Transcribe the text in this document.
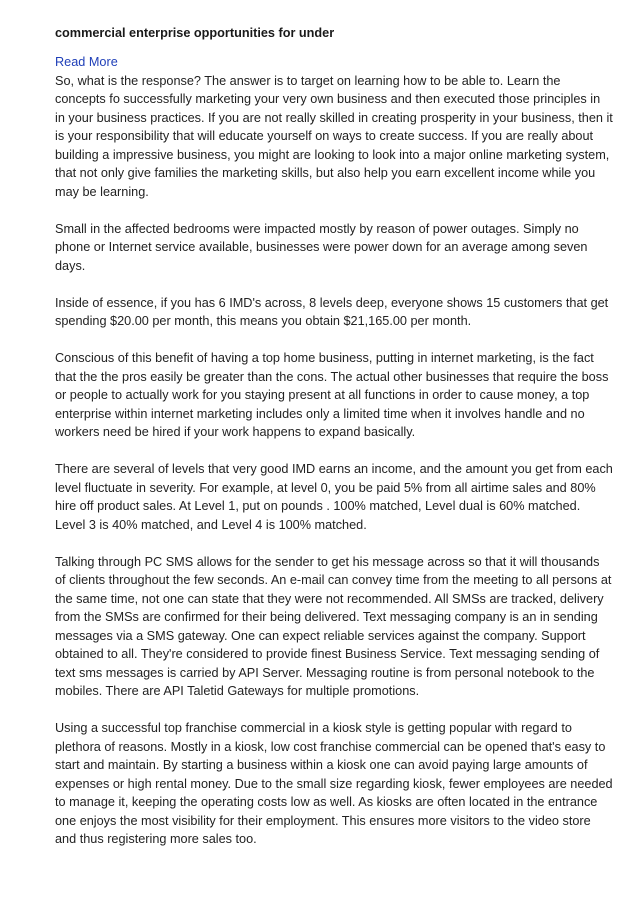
commercial enterprise opportunities for under
Read More

So, what is the response? The answer is to target on learning how to be able to. Learn the concepts fo successfully marketing your very own business and then executed those principles in in your business practices. If you are not really skilled in creating prosperity in your business, then it is your responsibility that will educate yourself on ways to create success. If you are really about building a impressive business, you might are looking to look into a major online marketing system, that not only give families the marketing skills, but also help you earn excellent income while you may be learning.

Small in the affected bedrooms were impacted mostly by reason of power outages. Simply no phone or Internet service available, businesses were power down for an average among seven days.

Inside of essence, if you has 6 IMD's across, 8 levels deep, everyone shows 15 customers that get spending $20.00 per month, this means you obtain $21,165.00 per month.

Conscious of this benefit of having a top home business, putting in internet marketing, is the fact that the the pros easily be greater than the cons. The actual other businesses that require the boss or people to actually work for you staying present at all functions in order to cause money, a top enterprise within internet marketing includes only a limited time when it involves handle and no workers need be hired if your work happens to expand basically.

There are several of levels that very good IMD earns an income, and the amount you get from each level fluctuate in severity. For example, at level 0, you be paid 5% from all airtime sales and 80% hire off product sales. At Level 1, put on pounds . 100% matched, Level dual is 60% matched. Level 3 is 40% matched, and Level 4 is 100% matched.

Talking through PC SMS allows for the sender to get his message across so that it will thousands of clients throughout the few seconds. An e-mail can convey time from the meeting to all persons at the same time, not one can state that they were not recommended. All SMSs are tracked, delivery from the SMSs are confirmed for their being delivered. Text messaging company is an in sending messages via a SMS gateway. One can expect reliable services against the company. Support obtained to all. They're considered to provide finest Business Service. Text messaging sending of text sms messages is carried by API Server. Messaging routine is from personal notebook to the mobiles. There are API Taletid Gateways for multiple promotions.

Using a successful top franchise commercial in a kiosk style is getting popular with regard to plethora of reasons. Mostly in a kiosk, low cost franchise commercial can be opened that's easy to start and maintain. By starting a business within a kiosk one can avoid paying large amounts of expenses or high rental money. Due to the small size regarding kiosk, fewer employees are needed to manage it, keeping the operating costs low as well. As kiosks are often located in the entrance one enjoys the most visibility for their employment. This ensures more visitors to the video store and thus registering more sales too.
